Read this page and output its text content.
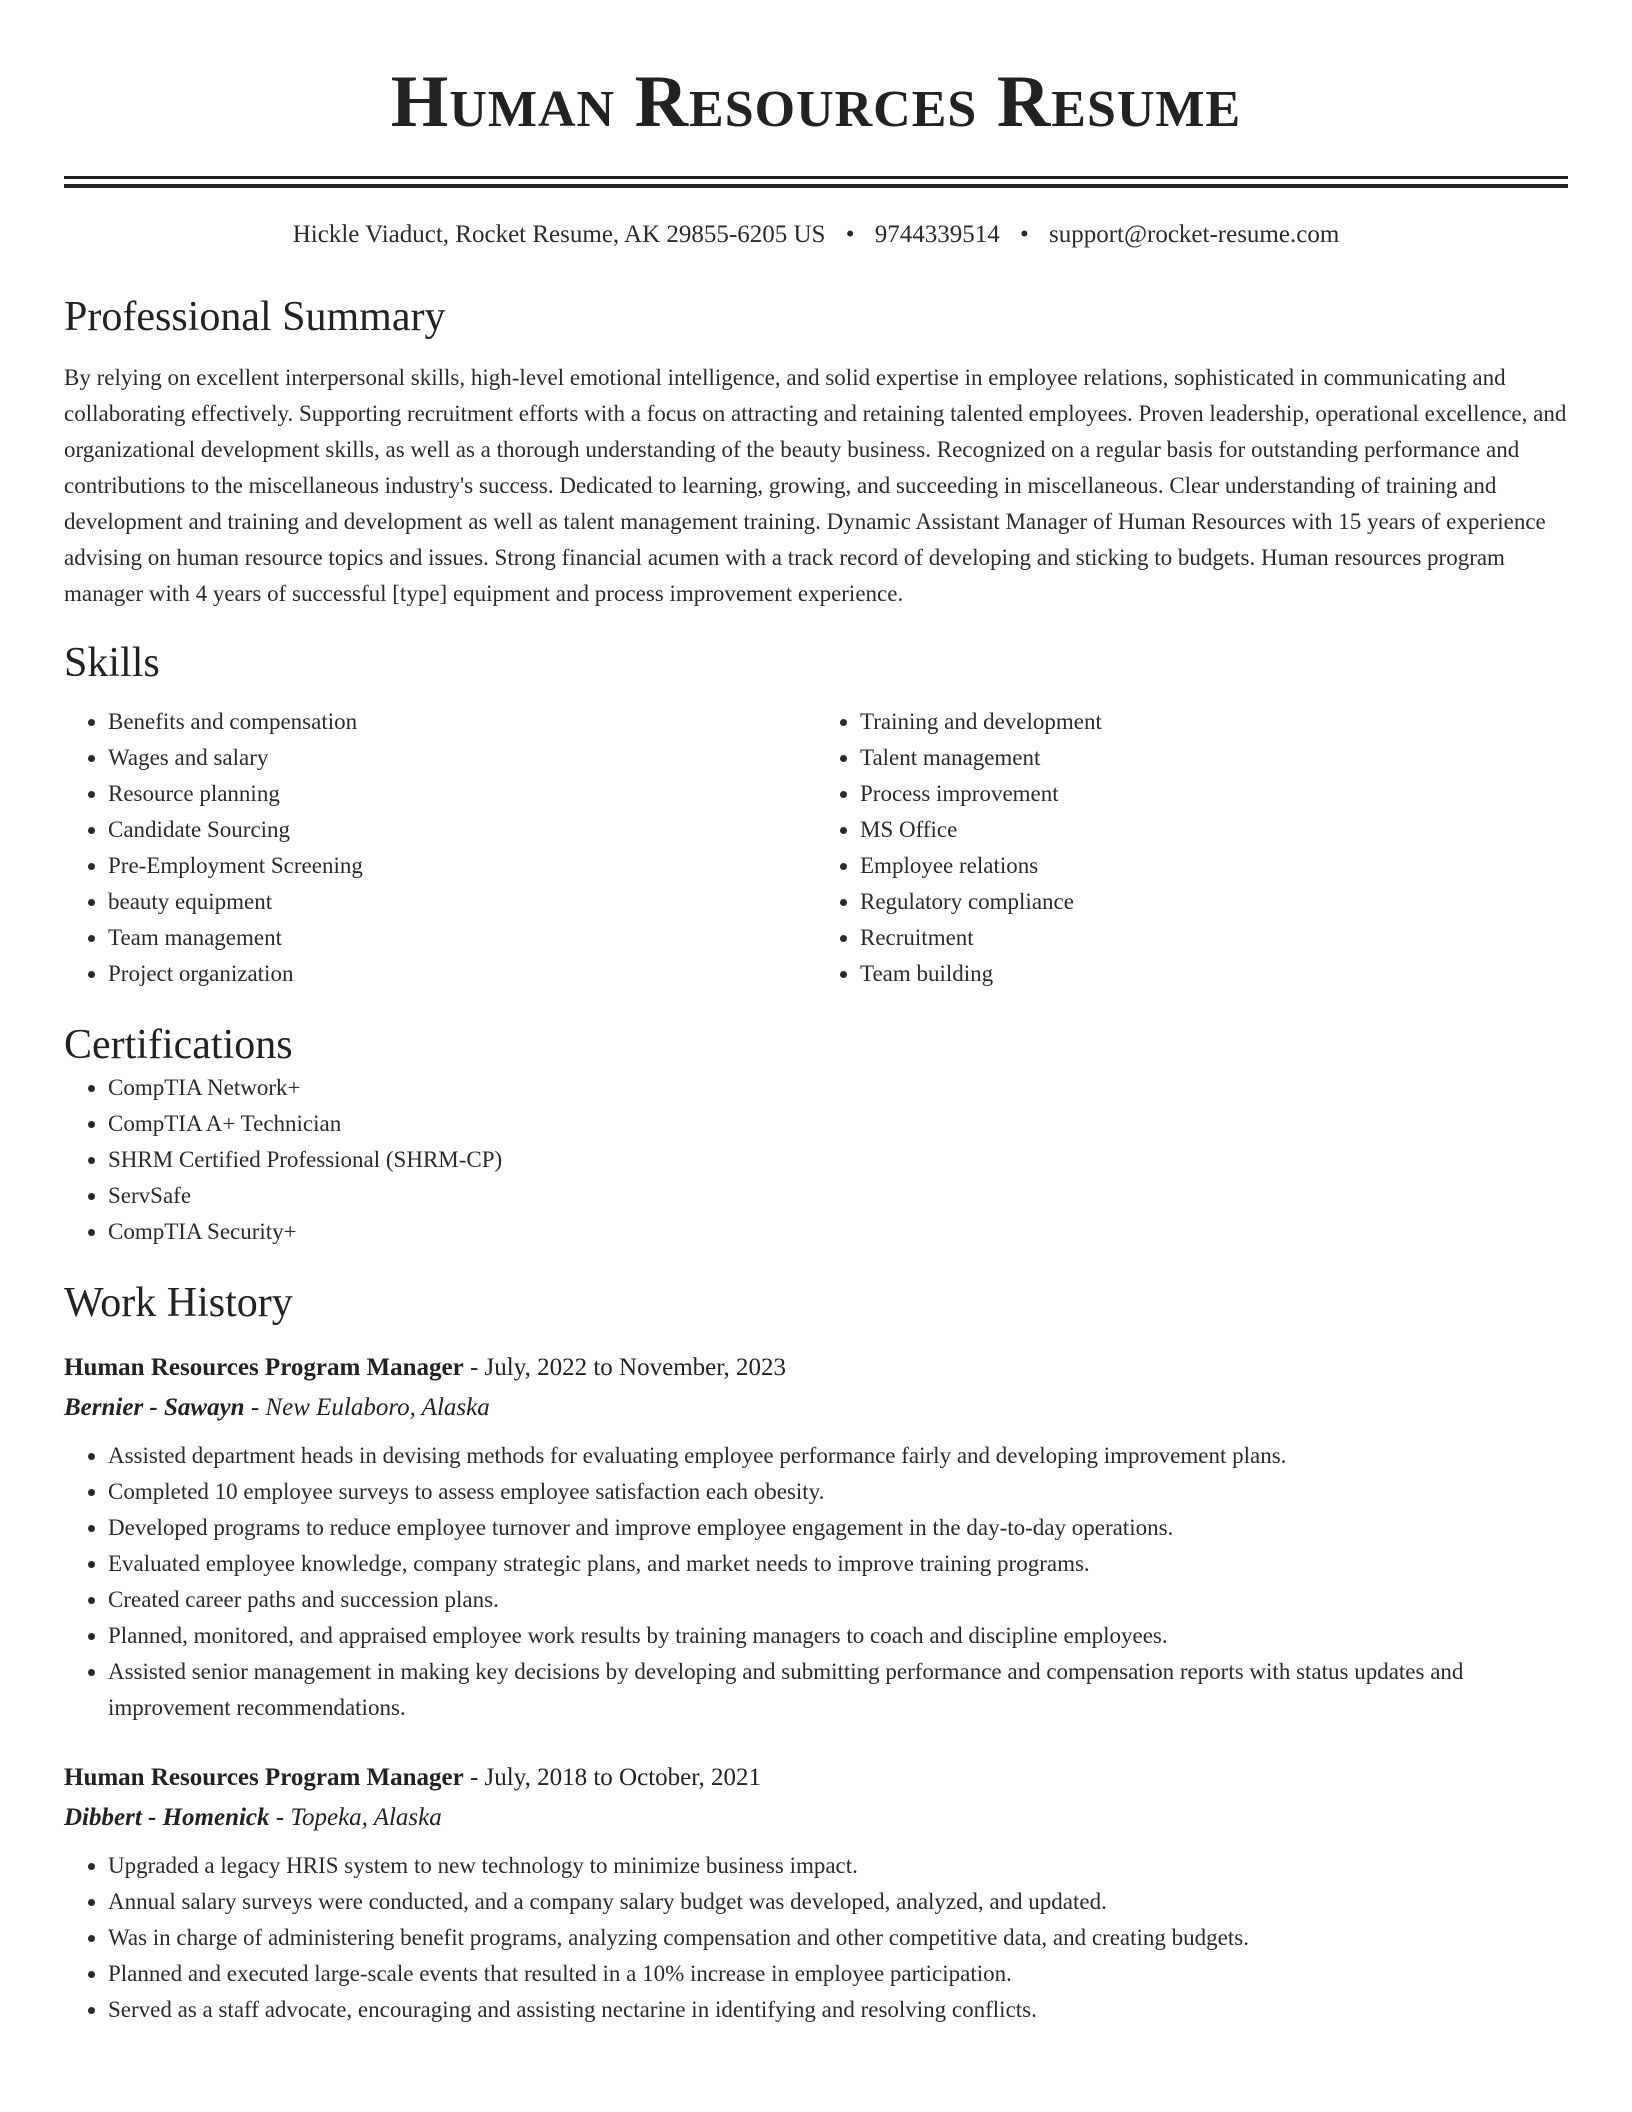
Human Resources Resume
Hickle Viaduct, Rocket Resume, AK 29855-6205 US • 9744339514 • support@rocket-resume.com
Professional Summary

By relying on excellent interpersonal skills, high-level emotional intelligence, and solid expertise in employee relations, sophisticated in communicating and collaborating effectively. Supporting recruitment efforts with a focus on attracting and retaining talented employees. Proven leadership, operational excellence, and organizational development skills, as well as a thorough understanding of the beauty business. Recognized on a regular basis for outstanding performance and contributions to the miscellaneous industry's success. Dedicated to learning, growing, and succeeding in miscellaneous. Clear understanding of training and development and training and development as well as talent management training. Dynamic Assistant Manager of Human Resources with 15 years of experience advising on human resource topics and issues. Strong financial acumen with a track record of developing and sticking to budgets. Human resources program manager with 4 years of successful [type] equipment and process improvement experience.

Skills
• Benefits and compensation
• Wages and salary
• Resource planning
• Candidate Sourcing
• Pre-Employment Screening
• beauty equipment
• Team management
• Project organization
• Training and development
• Talent management
• Process improvement
• MS Office
• Employee relations
• Regulatory compliance
• Recruitment
• Team building
Certifications
• CompTIA Network+
• CompTIA A+ Technician
• SHRM Certified Professional (SHRM-CP)
• ServSafe
• CompTIA Security+
Work History
Human Resources Program Manager - July, 2022 to November, 2023
Bernier - Sawayn - New Eulaboro, Alaska
• Assisted department heads in devising methods for evaluating employee performance fairly and developing improvement plans.
• Completed 10 employee surveys to assess employee satisfaction each obesity.
• Developed programs to reduce employee turnover and improve employee engagement in the day-to-day operations.
• Evaluated employee knowledge, company strategic plans, and market needs to improve training programs.
• Created career paths and succession plans.
• Planned, monitored, and appraised employee work results by training managers to coach and discipline employees.
• Assisted senior management in making key decisions by developing and submitting performance and compensation reports with status updates and improvement recommendations.
Human Resources Program Manager - July, 2018 to October, 2021
Dibbert - Homenick - Topeka, Alaska
• Upgraded a legacy HRIS system to new technology to minimize business impact.
• Annual salary surveys were conducted, and a company salary budget was developed, analyzed, and updated.
• Was in charge of administering benefit programs, analyzing compensation and other competitive data, and creating budgets.
• Planned and executed large-scale events that resulted in a 10% increase in employee participation.
• Served as a staff advocate, encouraging and assisting nectarine in identifying and resolving conflicts.
